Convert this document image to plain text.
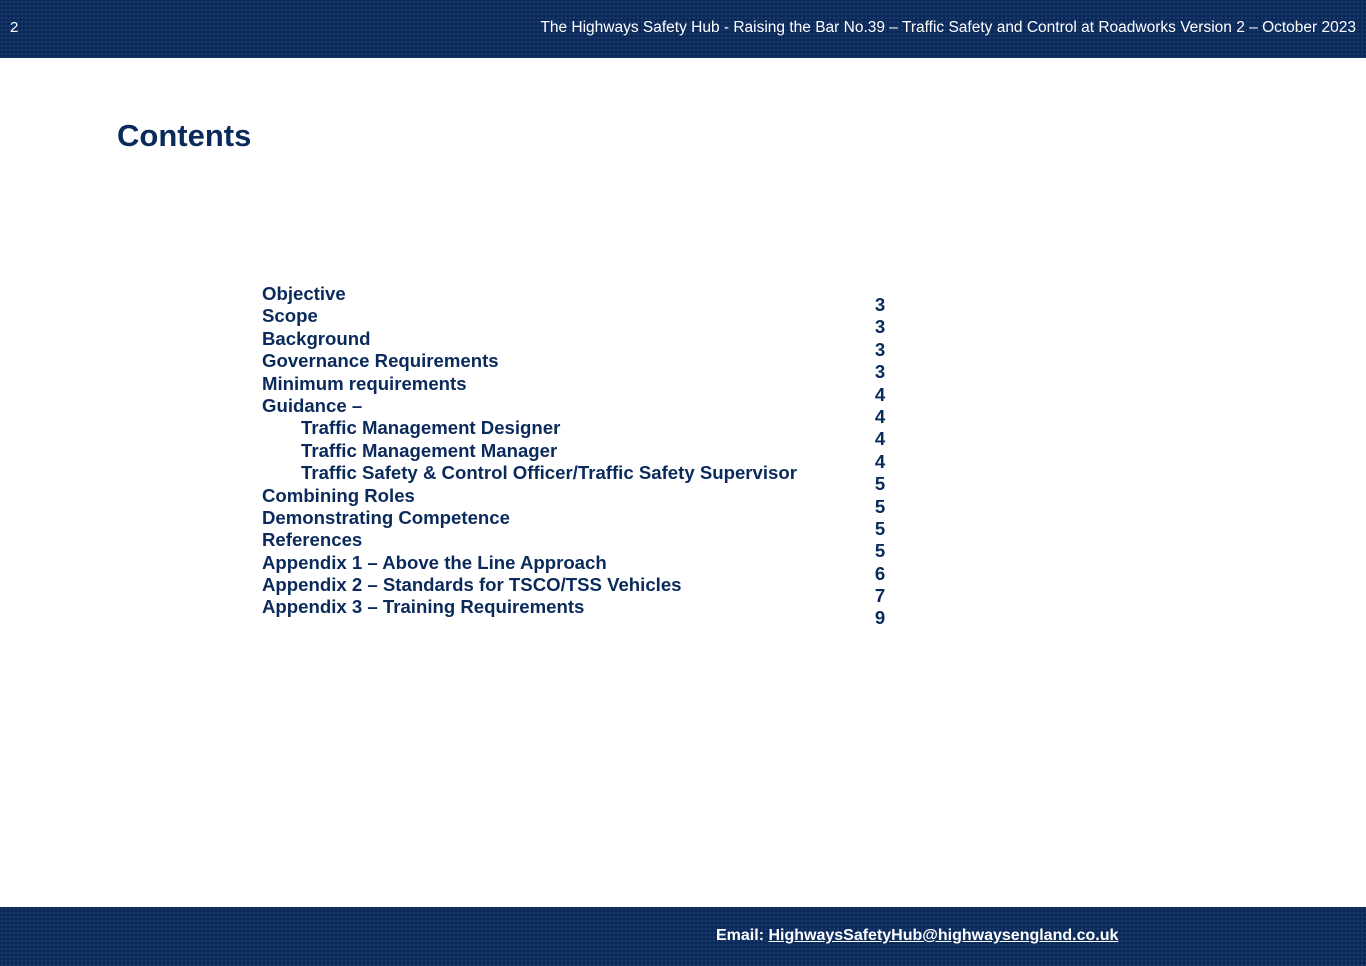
2	The Highways Safety Hub - Raising the Bar No.39 – Traffic Safety and Control at Roadworks Version 2 – October 2023
Contents
Objective
Scope
Background
Governance Requirements
Minimum requirements
Guidance –
Traffic Management Designer
Traffic Management Manager
Traffic Safety & Control Officer/Traffic Safety Supervisor
Combining Roles
Demonstrating Competence
References
Appendix 1 – Above the Line Approach
Appendix 2 – Standards for TSCO/TSS Vehicles
Appendix 3 – Training Requirements
3
3
3
3
4
4
4
4
5
5
5
5
6
7
9
Email: HighwaysSafetyHub@highwaysengland.co.uk
